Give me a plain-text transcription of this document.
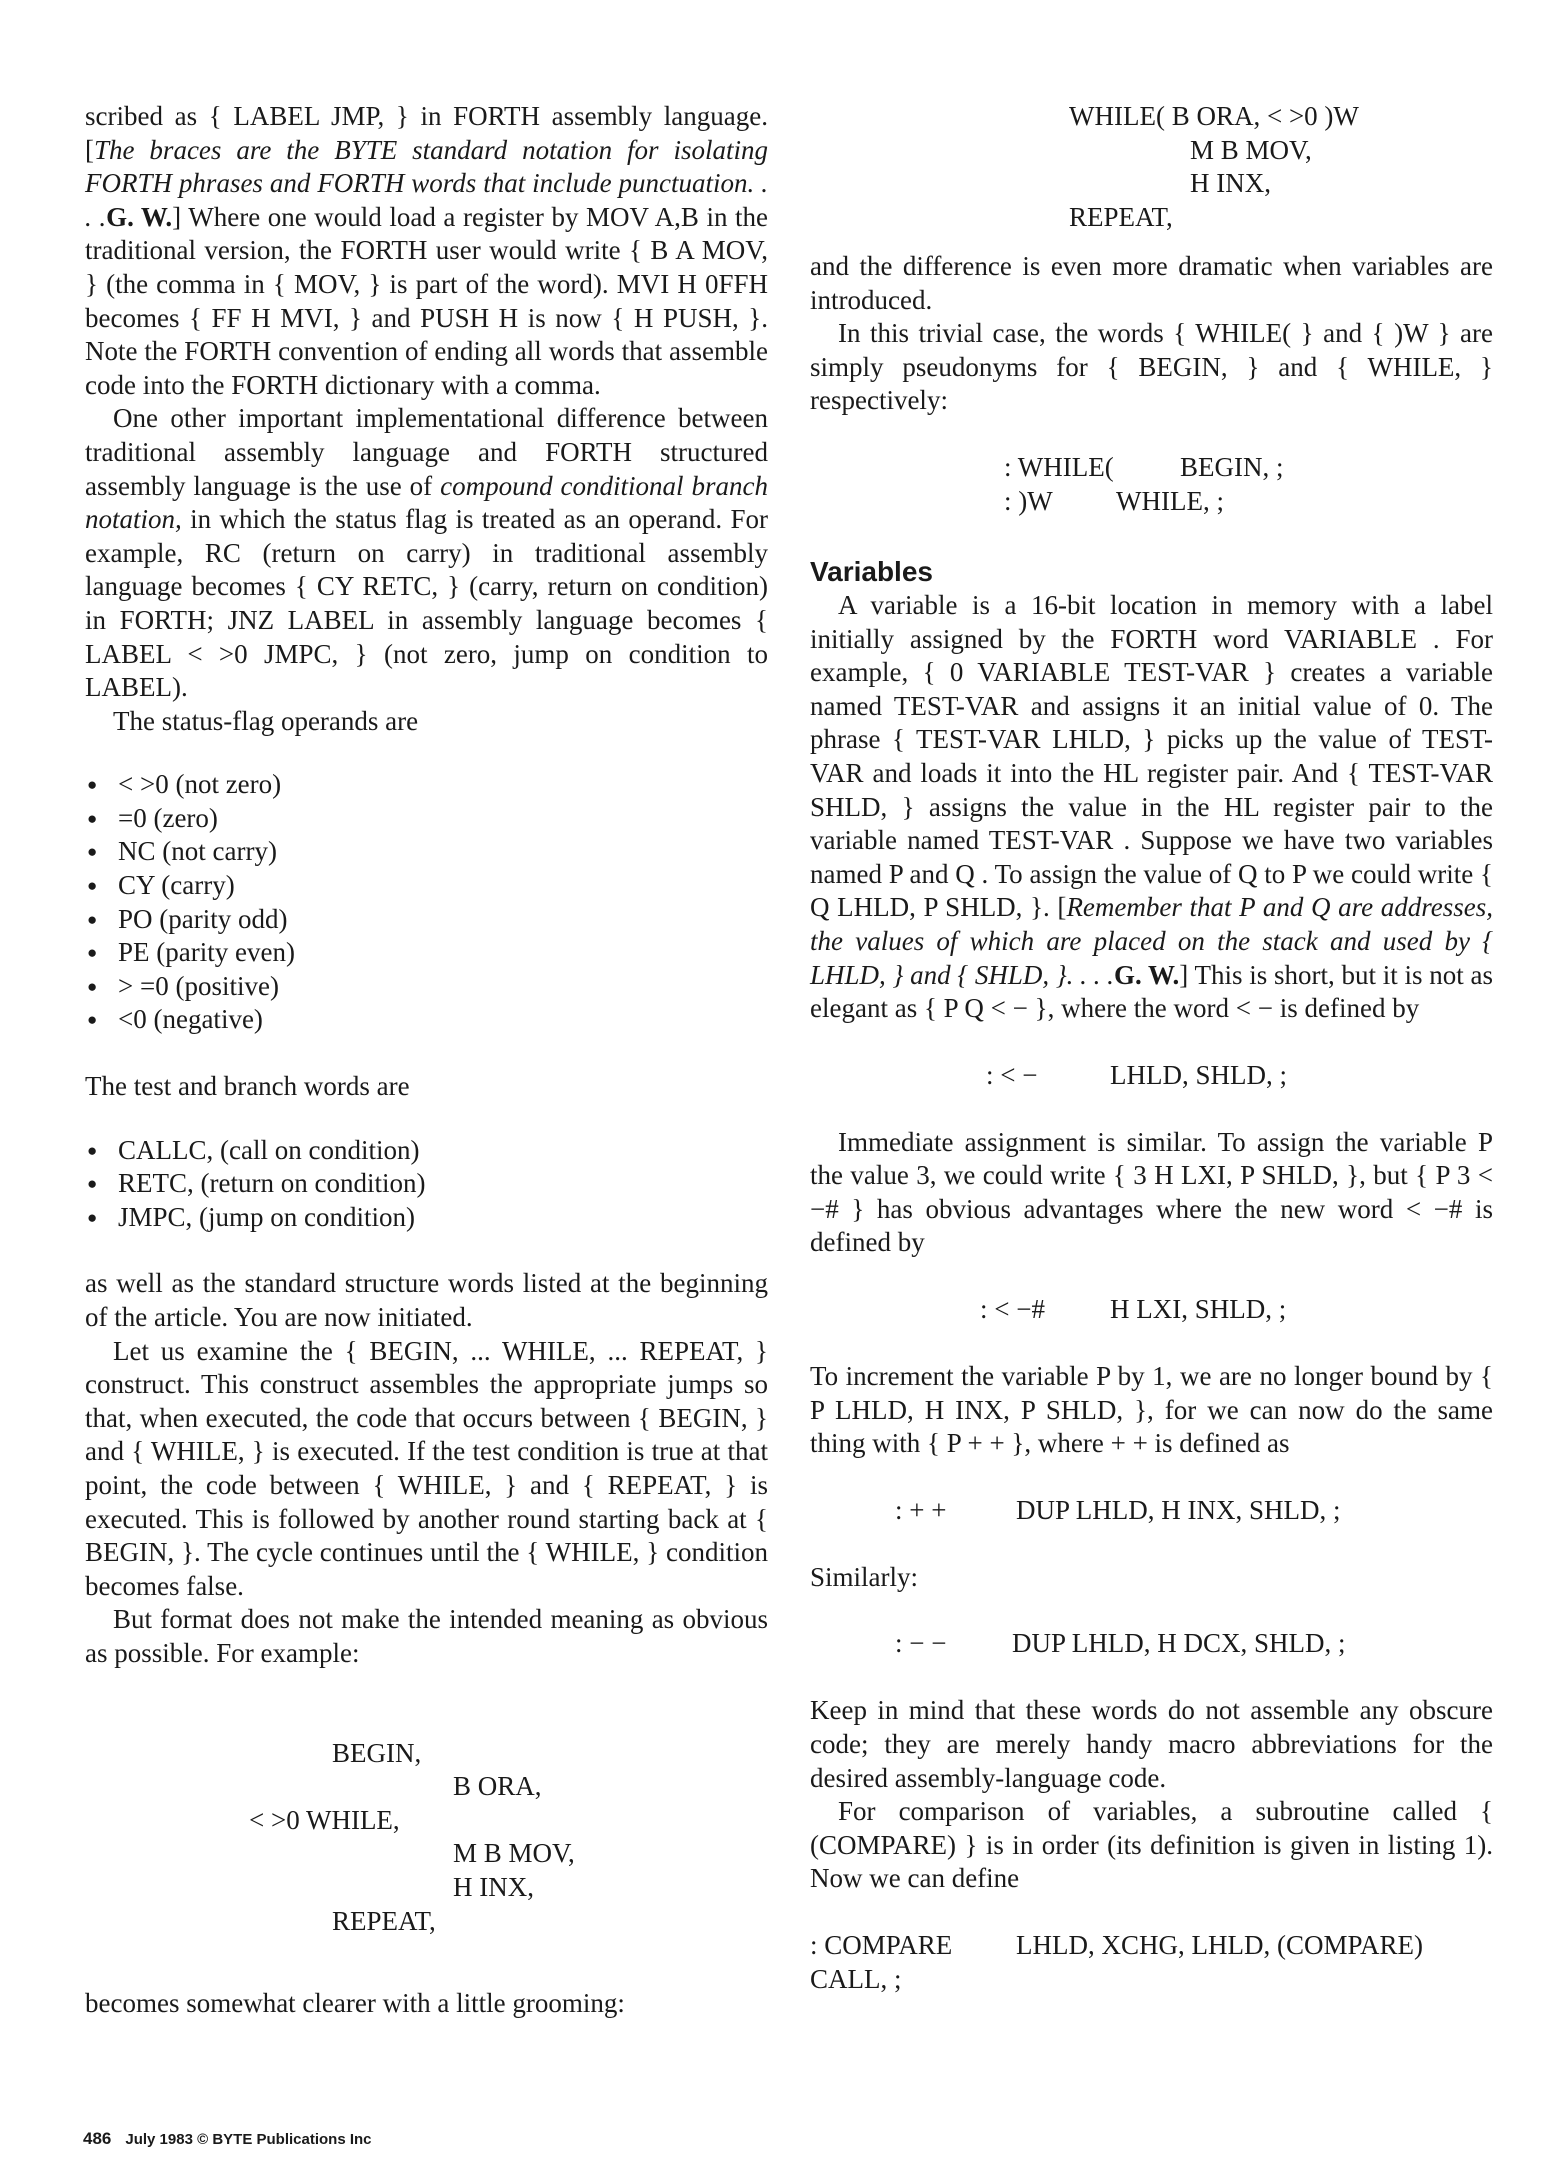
scribed as { LABEL JMP, } in FORTH assembly language. [The braces are the BYTE standard notation for isolating FORTH phrases and FORTH words that include punctuation. . . .G. W.] Where one would load a register by MOV A,B in the traditional version, the FORTH user would write { B A MOV, } (the comma in { MOV, } is part of the word). MVI H 0FFH becomes { FF H MVI, } and PUSH H is now { H PUSH, }. Note the FORTH convention of ending all words that assemble code into the FORTH dictionary with a comma.

One other important implementational difference between traditional assembly language and FORTH structured assembly language is the use of compound conditional branch notation, in which the status flag is treated as an operand. For example, RC (return on carry) in traditional assembly language becomes { CY RETC, } (carry, return on condition) in FORTH; JNZ LABEL in assembly language becomes { LABEL < >0 JMPC, } (not zero, jump on condition to LABEL).

The status-flag operands are

● < >0 (not zero)
● =0 (zero)
● NC (not carry)
● CY (carry)
● PO (parity odd)
● PE (parity even)
● > =0 (positive)
● <0 (negative)

The test and branch words are

● CALLC, (call on condition)
● RETC, (return on condition)
● JMPC, (jump on condition)

as well as the standard structure words listed at the beginning of the article. You are now initiated.

Let us examine the { BEGIN, ... WHILE, ... REPEAT, } construct. This construct assembles the appropriate jumps so that, when executed, the code that occurs between { BEGIN, } and { WHILE, } is executed. If the test condition is true at that point, the code between { WHILE, } and { REPEAT, } is executed. This is followed by another round starting back at { BEGIN, }. The cycle continues until the { WHILE, } condition becomes false.

But format does not make the intended meaning as obvious as possible. For example:

BEGIN,
B ORA,
< >0 WHILE,
M B MOV,
H INX,
REPEAT,

becomes somewhat clearer with a little grooming:

WHILE( B ORA, < >0 )W
M B MOV,
H INX,
REPEAT,

and the difference is even more dramatic when variables are introduced.

In this trivial case, the words { WHILE( } and { )W } are simply pseudonyms for { BEGIN, } and { WHILE, } respectively:

: WHILE( BEGIN, ;
: )W WHILE, ;
Variables

A variable is a 16-bit location in memory with a label initially assigned by the FORTH word VARIABLE . For example, { 0 VARIABLE TEST-VAR } creates a variable named TEST-VAR and assigns it an initial value of 0. The phrase { TEST-VAR LHLD, } picks up the value of TEST-VAR and loads it into the HL register pair. And { TEST-VAR SHLD, } assigns the value in the HL register pair to the variable named TEST-VAR . Suppose we have two variables named P and Q . To assign the value of Q to P we could write { Q LHLD, P SHLD, }. [Remember that P and Q are addresses, the values of which are placed on the stack and used by { LHLD, } and { SHLD, }. . . .G. W.] This is short, but it is not as elegant as { P Q < − }, where the word < − is defined by

: < −	LHLD, SHLD, ;

Immediate assignment is similar. To assign the variable P the value 3, we could write { 3 H LXI, P SHLD, }, but { P 3 < −# } has obvious advantages where the new word < −# is defined by

: < −# H LXI, SHLD, ;

To increment the variable P by 1, we are no longer bound by { P LHLD, H INX, P SHLD, }, for we can now do the same thing with { P + + }, where + + is defined as

: + +	DUP LHLD, H INX, SHLD, ;

Similarly:

: − − DUP LHLD, H DCX, SHLD, ;

Keep in mind that these words do not assemble any obscure code; they are merely handy macro abbreviations for the desired assembly-language code.

For comparison of variables, a subroutine called { (COMPARE) } is in order (its definition is given in listing 1). Now we can define

: COMPARE LHLD, XCHG, LHLD, (COMPARE)
CALL, ;
486 July 1983 © BYTE Publications Inc
